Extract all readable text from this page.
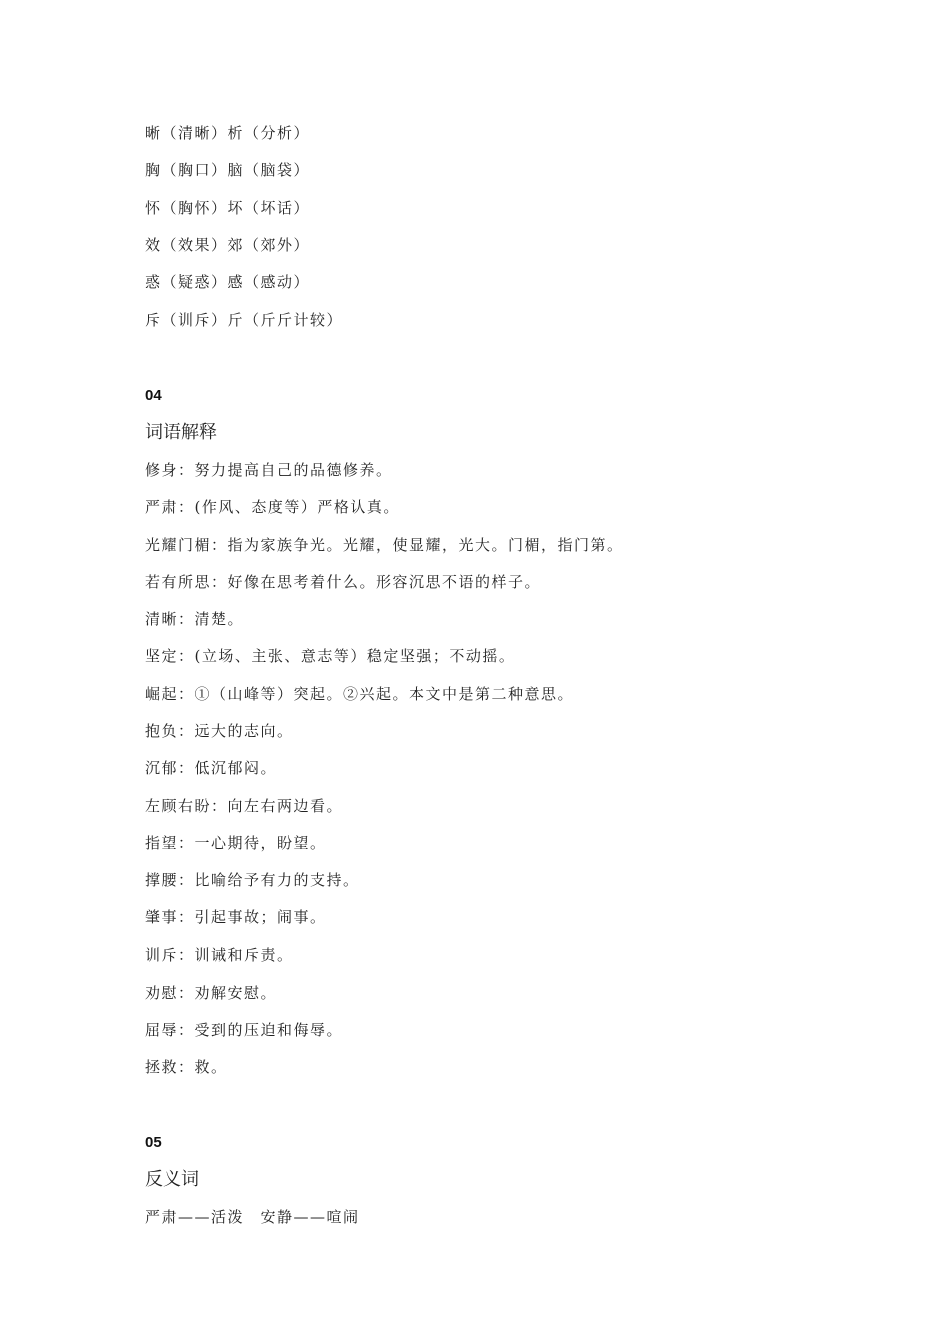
晰（清晰）析（分析）
胸（胸口）脑（脑袋）
怀（胸怀）坏（坏话）
效（效果）郊（郊外）
惑（疑惑）感（感动）
斥（训斥）斤（斤斤计较）
04
词语解释
修身：努力提高自己的品德修养。
严肃：(作风、态度等）严格认真。
光耀门楣：指为家族争光。光耀，使显耀，光大。门楣，指门第。
若有所思：好像在思考着什么。形容沉思不语的样子。
清晰：清楚。
坚定：(立场、主张、意志等）稳定坚强；不动摇。
崛起：①（山峰等）突起。②兴起。本文中是第二种意思。
抱负：远大的志向。
沉郁：低沉郁闷。
左顾右盼：向左右两边看。
指望：一心期待，盼望。
撑腰：比喻给予有力的支持。
肇事：引起事故；闹事。
训斥：训诫和斥责。
劝慰：劝解安慰。
屈辱：受到的压迫和侮辱。
拯救：救。
05
反义词
严肃——活泼　安静——喧闹
